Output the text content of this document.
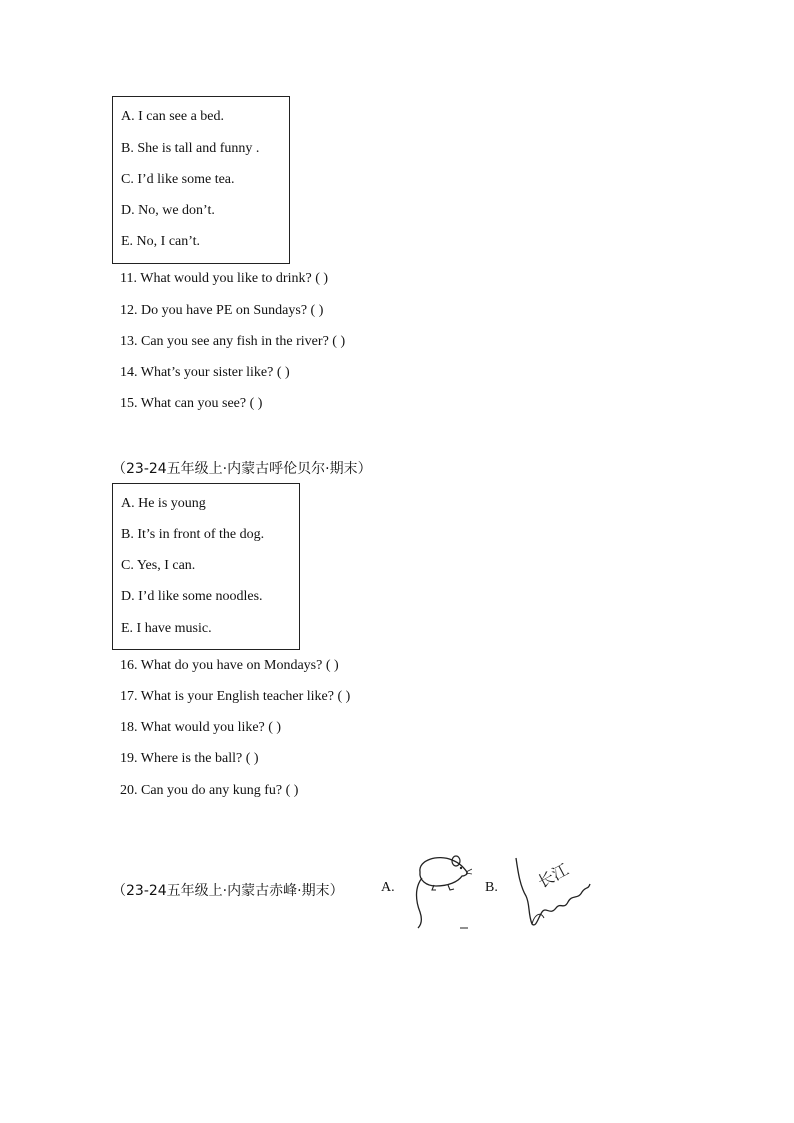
A. I can see a bed.
B. She is tall and funny .
C. I’d like some tea.
D. No, we don’t.
E. No, I can’t.
11. What would you like to drink? ( )
12. Do you have PE on Sundays? ( )
13. Can you see any fish in the river? ( )
14. What’s your sister like? ( )
15. What can you see? ( )
（23-24五年级上·内蒙古呼伦贝尔·期末）
A. He is young
B. It’s in front of the dog.
C. Yes, I can.
D. I’d like some noodles.
E. I have music.
16. What do you have on Mondays? ( )
17. What is your English teacher like? ( )
18. What would you like? ( )
19. Where is the ball? ( )
20. Can you do any kung fu? ( )
（23-24五年级上·内蒙古赤峰·期末）	A.	B. 长江
